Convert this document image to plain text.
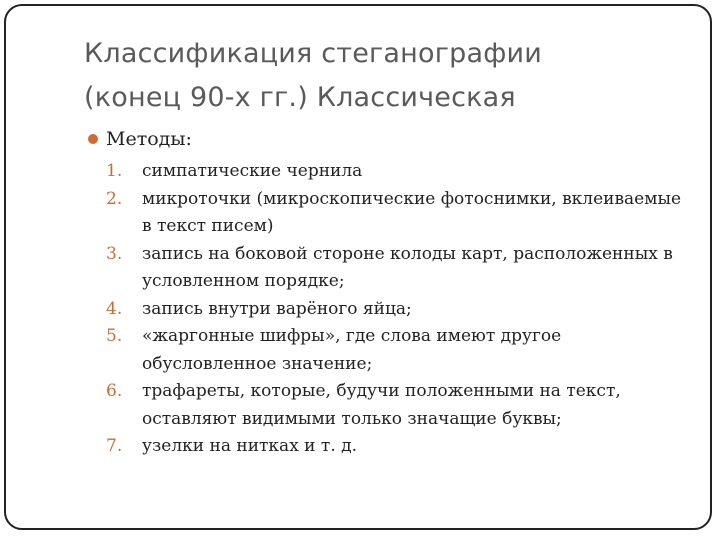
Классификация стеганографии
(конец 90-х гг.) Классическая
Методы:
1.	симпатические чернила
2.	микроточки (микроскопические фотоснимки, вклеиваемые в текст писем)
3.	запись на боковой стороне колоды карт, расположенных в условленном порядке;
4.	запись внутри варёного яйца;
5.	«жаргонные шифры», где слова имеют другое обусловленное значение;
6.	трафареты, которые, будучи положенными на текст, оставляют видимыми только значащие буквы;
7.	узелки на нитках и т. д.
